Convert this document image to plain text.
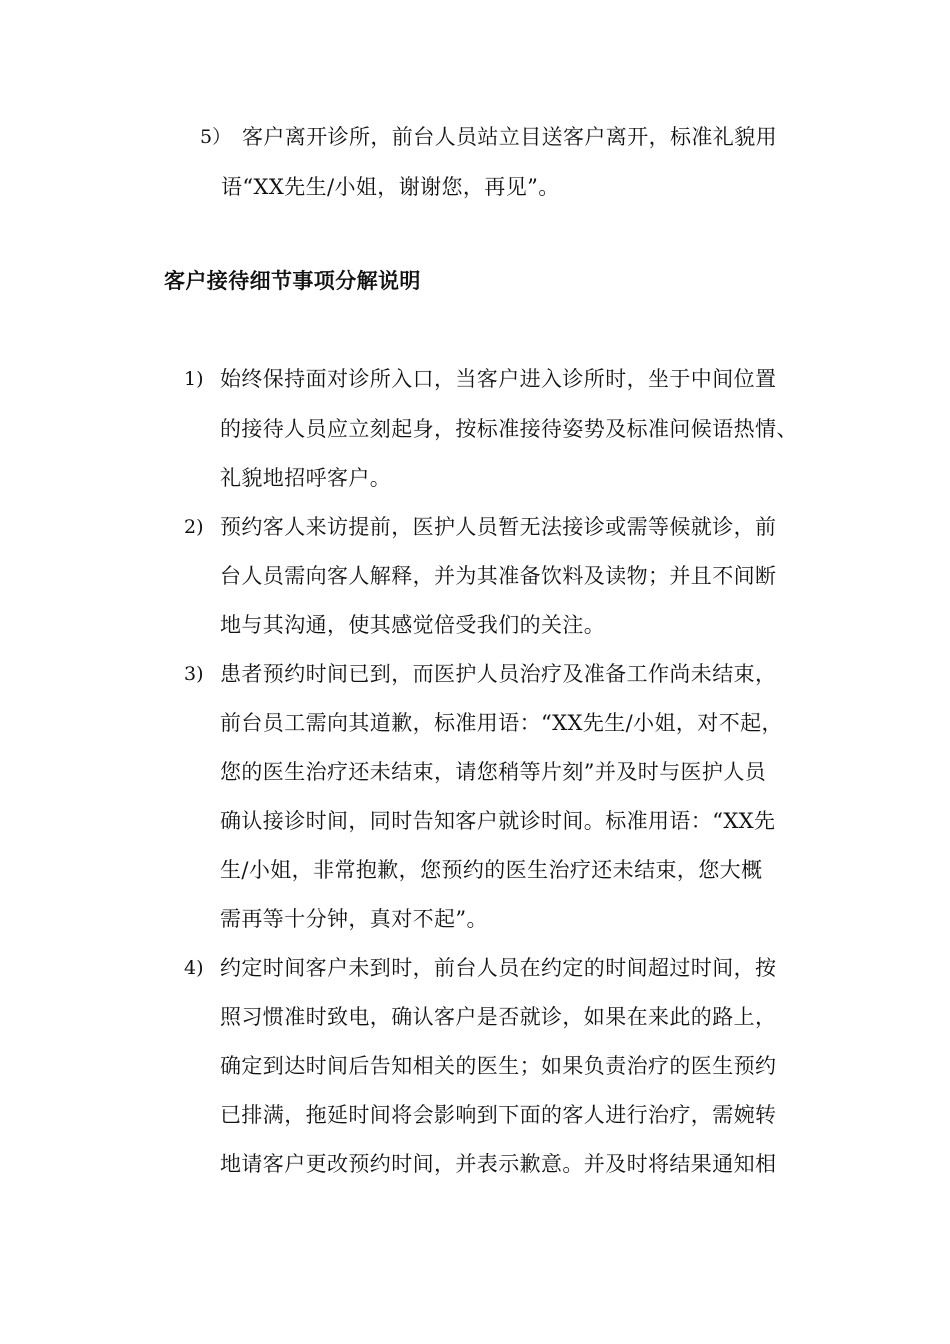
5） 客户离开诊所，前台人员站立目送客户离开，标准礼貌用
语“XX先生/小姐，谢谢您，再见”。
客户接待细节事项分解说明
1) 始终保持面对诊所入口，当客户进入诊所时，坐于中间位置
的接待人员应立刻起身，按标准接待姿势及标准问候语热情、
礼貌地招呼客户。
2) 预约客人来访提前，医护人员暂无法接诊或需等候就诊，前
台人员需向客人解释，并为其准备饮料及读物；并且不间断
地与其沟通，使其感觉倍受我们的关注。
3) 患者预约时间已到，而医护人员治疗及准备工作尚未结束，
前台员工需向其道歉，标准用语：“XX先生/小姐，对不起，
您的医生治疗还未结束，请您稍等片刻”并及时与医护人员
确认接诊时间，同时告知客户就诊时间。标准用语：“XX先
生/小姐，非常抱歉，您预约的医生治疗还未结束，您大概
需再等十分钟，真对不起”。
4) 约定时间客户未到时，前台人员在约定的时间超过时间，按
照习惯准时致电，确认客户是否就诊，如果在来此的路上，
确定到达时间后告知相关的医生；如果负责治疗的医生预约
已排满，拖延时间将会影响到下面的客人进行治疗，需婉转
地请客户更改预约时间，并表示歉意。并及时将结果通知相
